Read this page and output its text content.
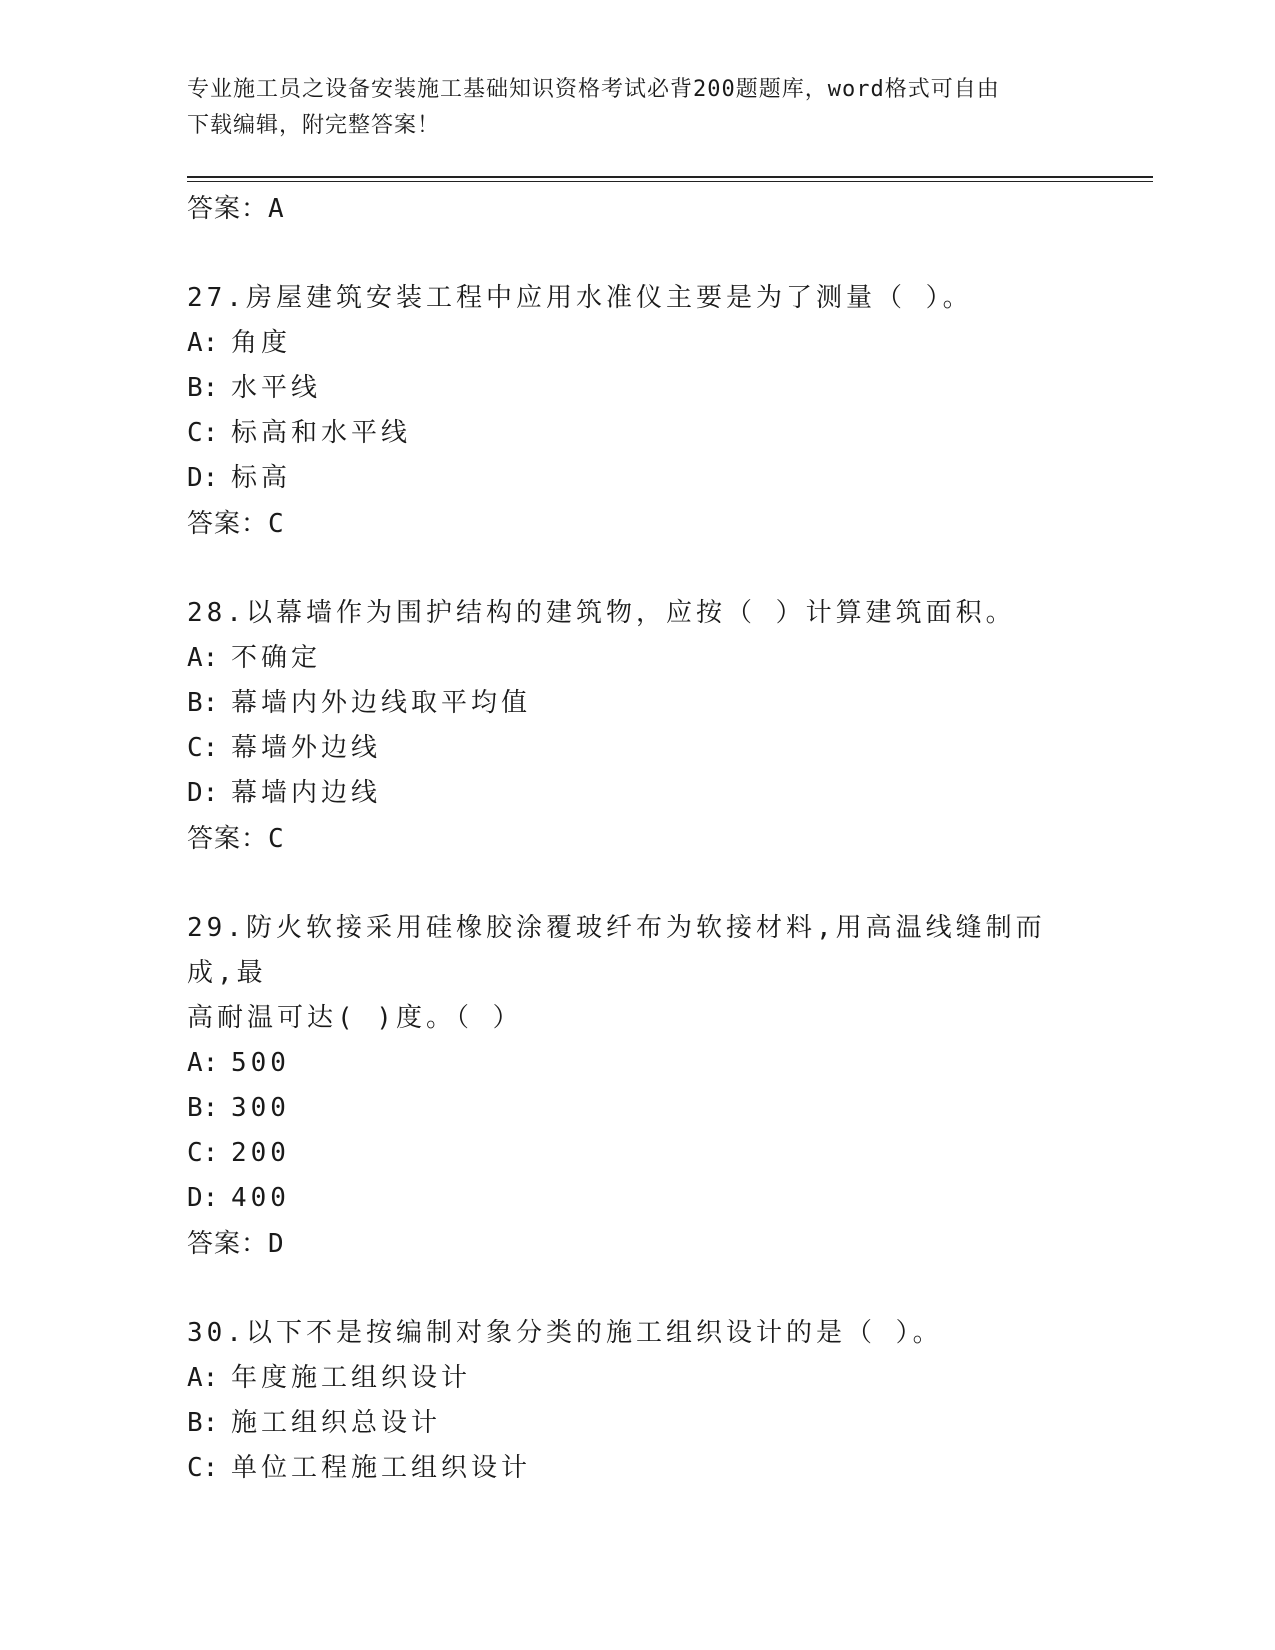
专业施工员之设备安装施工基础知识资格考试必背200题题库，word格式可自由
下载编辑，附完整答案！
答案：A
27.房屋建筑安装工程中应用水准仪主要是为了测量（ ）。
A: 角度
B: 水平线
C: 标高和水平线
D: 标高
答案：C
28.以幕墙作为围护结构的建筑物，应按（ ）计算建筑面积。
A: 不确定
B: 幕墙内外边线取平均值
C: 幕墙外边线
D: 幕墙内边线
答案：C
29.防火软接采用硅橡胶涂覆玻纤布为软接材料,用高温线缝制而成,最
高耐温可达( )度。（ ）
A: 500
B: 300
C: 200
D: 400
答案：D
30.以下不是按编制对象分类的施工组织设计的是（ ）。
A: 年度施工组织设计
B: 施工组织总设计
C: 单位工程施工组织设计
